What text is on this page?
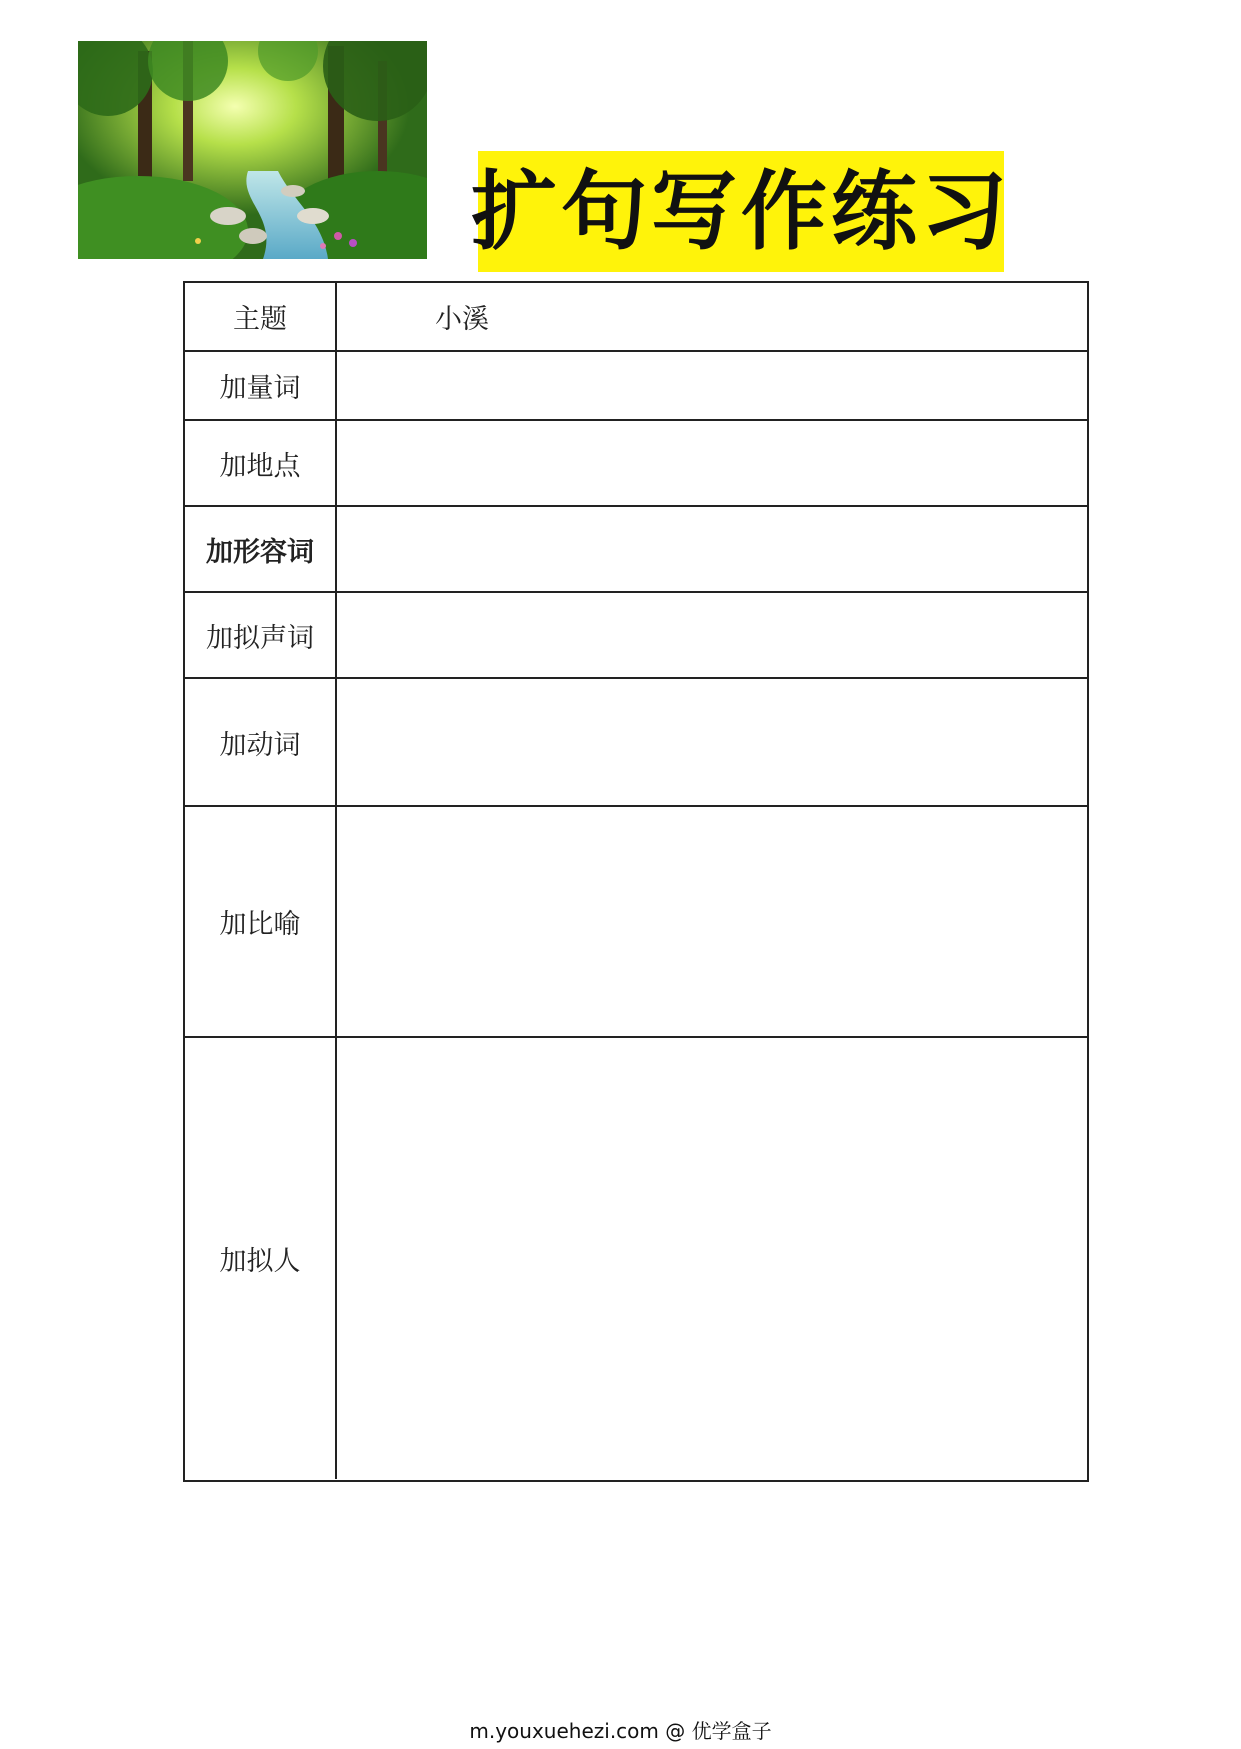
扩句写作练习
主题	小溪
加量词
加地点
加形容词
加拟声词
加动词
加比喻
加拟人
m.youxuehezi.com @ 优学盒子
